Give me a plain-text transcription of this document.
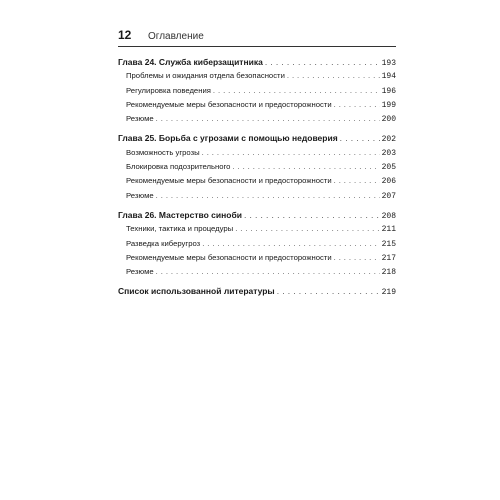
12	Оглавление
Глава 24. Служба киберзащитника . . .	193
Проблемы и ожидания отдела безопасности . . .	194
Регулировка поведения . . .	196
Рекомендуемые меры безопасности и предосторожности . . .	199
Резюме . . .	200
Глава 25. Борьба с угрозами с помощью недоверия . . .	202
Возможность угрозы . . .	203
Блокировка подозрительного . . .	205
Рекомендуемые меры безопасности и предосторожности . . .	206
Резюме . . .	207
Глава 26. Мастерство синоби . . .	208
Техники, тактика и процедуры . . .	211
Разведка киберугроз . . .	215
Рекомендуемые меры безопасности и предосторожности . . .	217
Резюме . . .	218
Список использованной литературы . . .	219
